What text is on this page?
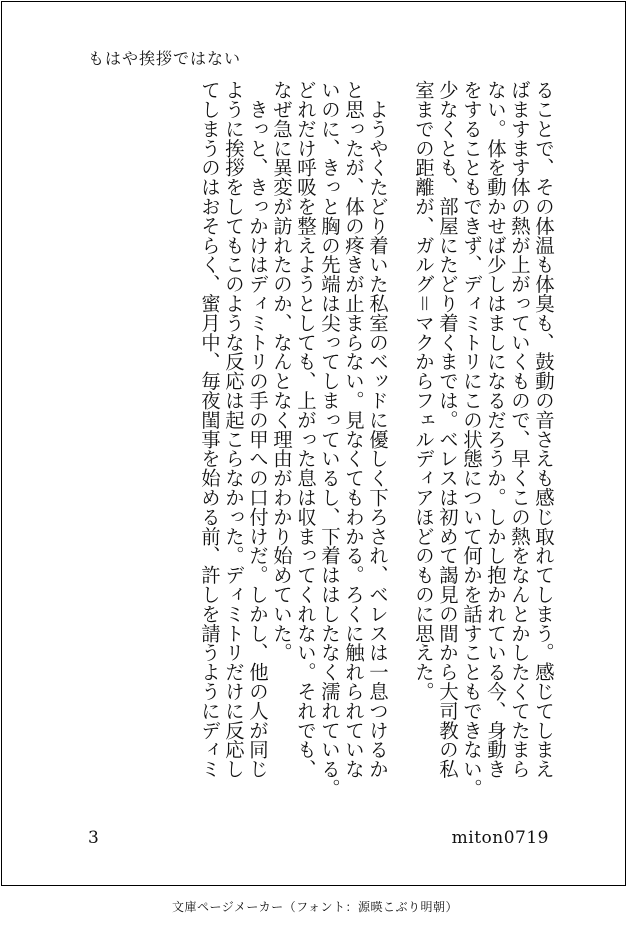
もはや挨拶ではない
ることで、その体温も体臭も、鼓動の音さえも感じ取れてしまう。感じてしまえ
ばますます体の熱が上がっていくもので、早くこの熱をなんとかしたくてたまら
ない。体を動かせば少しはましになるだろうか。しかし抱かれている今、身動き
をすることもできず、ディミトリにこの状態について何かを話すこともできない。
少なくとも、部屋にたどり着くまでは。ベレスは初めて謁見の間から大司教の私
室までの距離が、ガルグ＝マクからフェルディアほどのものに思えた。
　ようやくたどり着いた私室のベッドに優しく下ろされ、ベレスは一息つけるか
と思ったが、体の疼きが止まらない。見なくてもわかる。ろくに触れられていな
いのに、きっと胸の先端は尖ってしまっているし、下着ははしたなく濡れている。
どれだけ呼吸を整えようとしても、上がった息は収まってくれない。それでも、
なぜ急に異変が訪れたのか、なんとなく理由がわかり始めていた。
　きっと、きっかけはディミトリの手の甲への口付けだ。しかし、他の人が同じ
ように挨拶をしてもこのような反応は起こらなかった。ディミトリだけに反応し
てしまうのはおそらく、蜜月中、毎夜閨事を始める前、許しを請うようにディミ
3	miton0719
文庫ページメーカー（フォント：源暎こぶり明朝）
